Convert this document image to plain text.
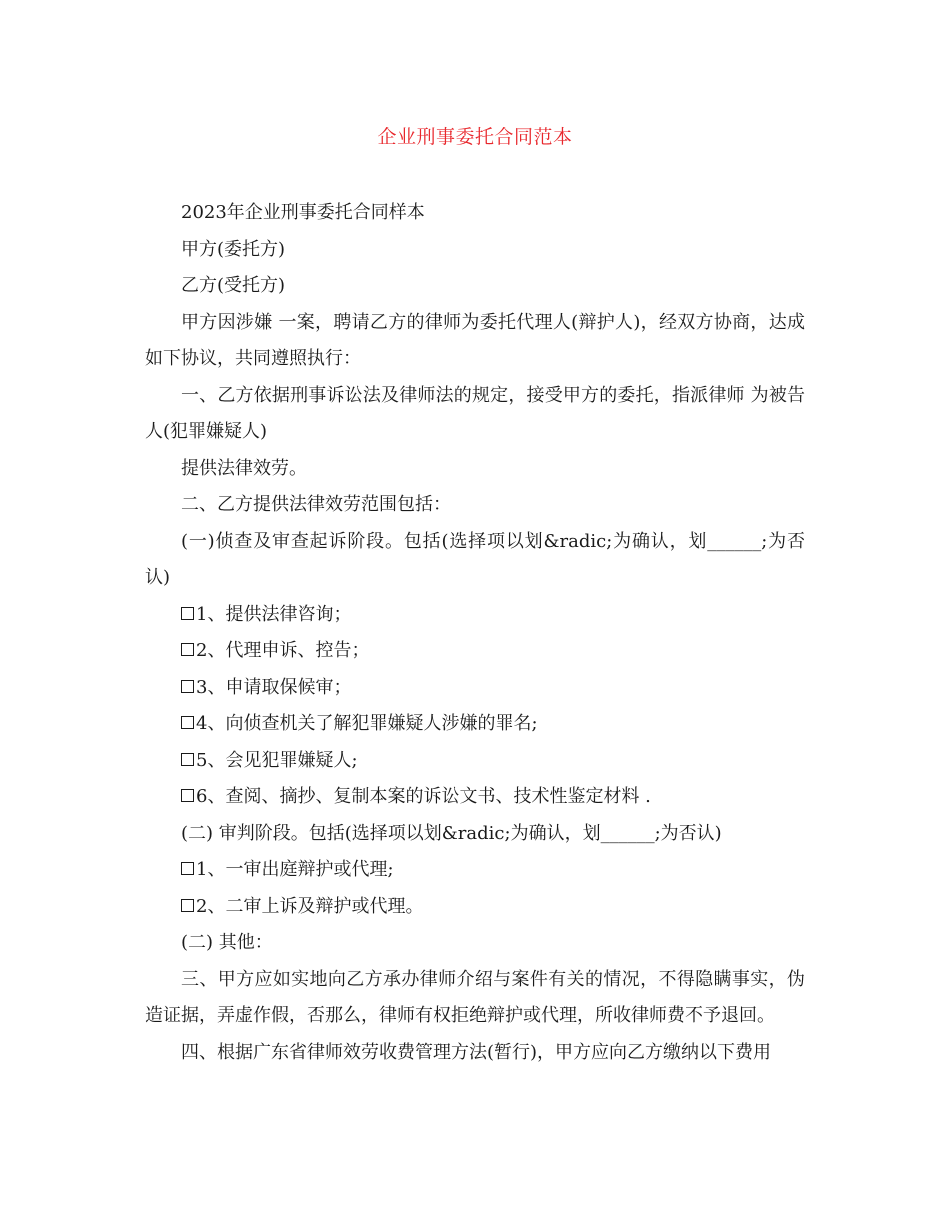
企业刑事委托合同范本

2023年企业刑事委托合同样本

甲方(委托方)

乙方(受托方)

甲方因涉嫌 一案，聘请乙方的律师为委托代理人(辩护人)，经双方协商，达成如下协议，共同遵照执行：

一、乙方依据刑事诉讼法及律师法的规定，接受甲方的委托，指派律师 为被告人(犯罪嫌疑人)

提供法律效劳。

二、乙方提供法律效劳范围包括：

(一)侦查及审查起诉阶段。包括(选择项以划&radic;为确认，划______;为否认)

1、提供法律咨询；

2、代理申诉、控告；

3、申请取保候审；

4、向侦查机关了解犯罪嫌疑人涉嫌的罪名;

5、会见犯罪嫌疑人;

6、查阅、摘抄、复制本案的诉讼文书、技术性鉴定材料 .

(二) 审判阶段。包括(选择项以划&radic;为确认，划______;为否认)

1、一审出庭辩护或代理;

2、二审上诉及辩护或代理。

(二) 其他：

三、甲方应如实地向乙方承办律师介绍与案件有关的情况，不得隐瞒事实，伪造证据，弄虚作假，否那么，律师有权拒绝辩护或代理，所收律师费不予退回。

四、根据广东省律师效劳收费管理方法(暂行)，甲方应向乙方缴纳以下费用
